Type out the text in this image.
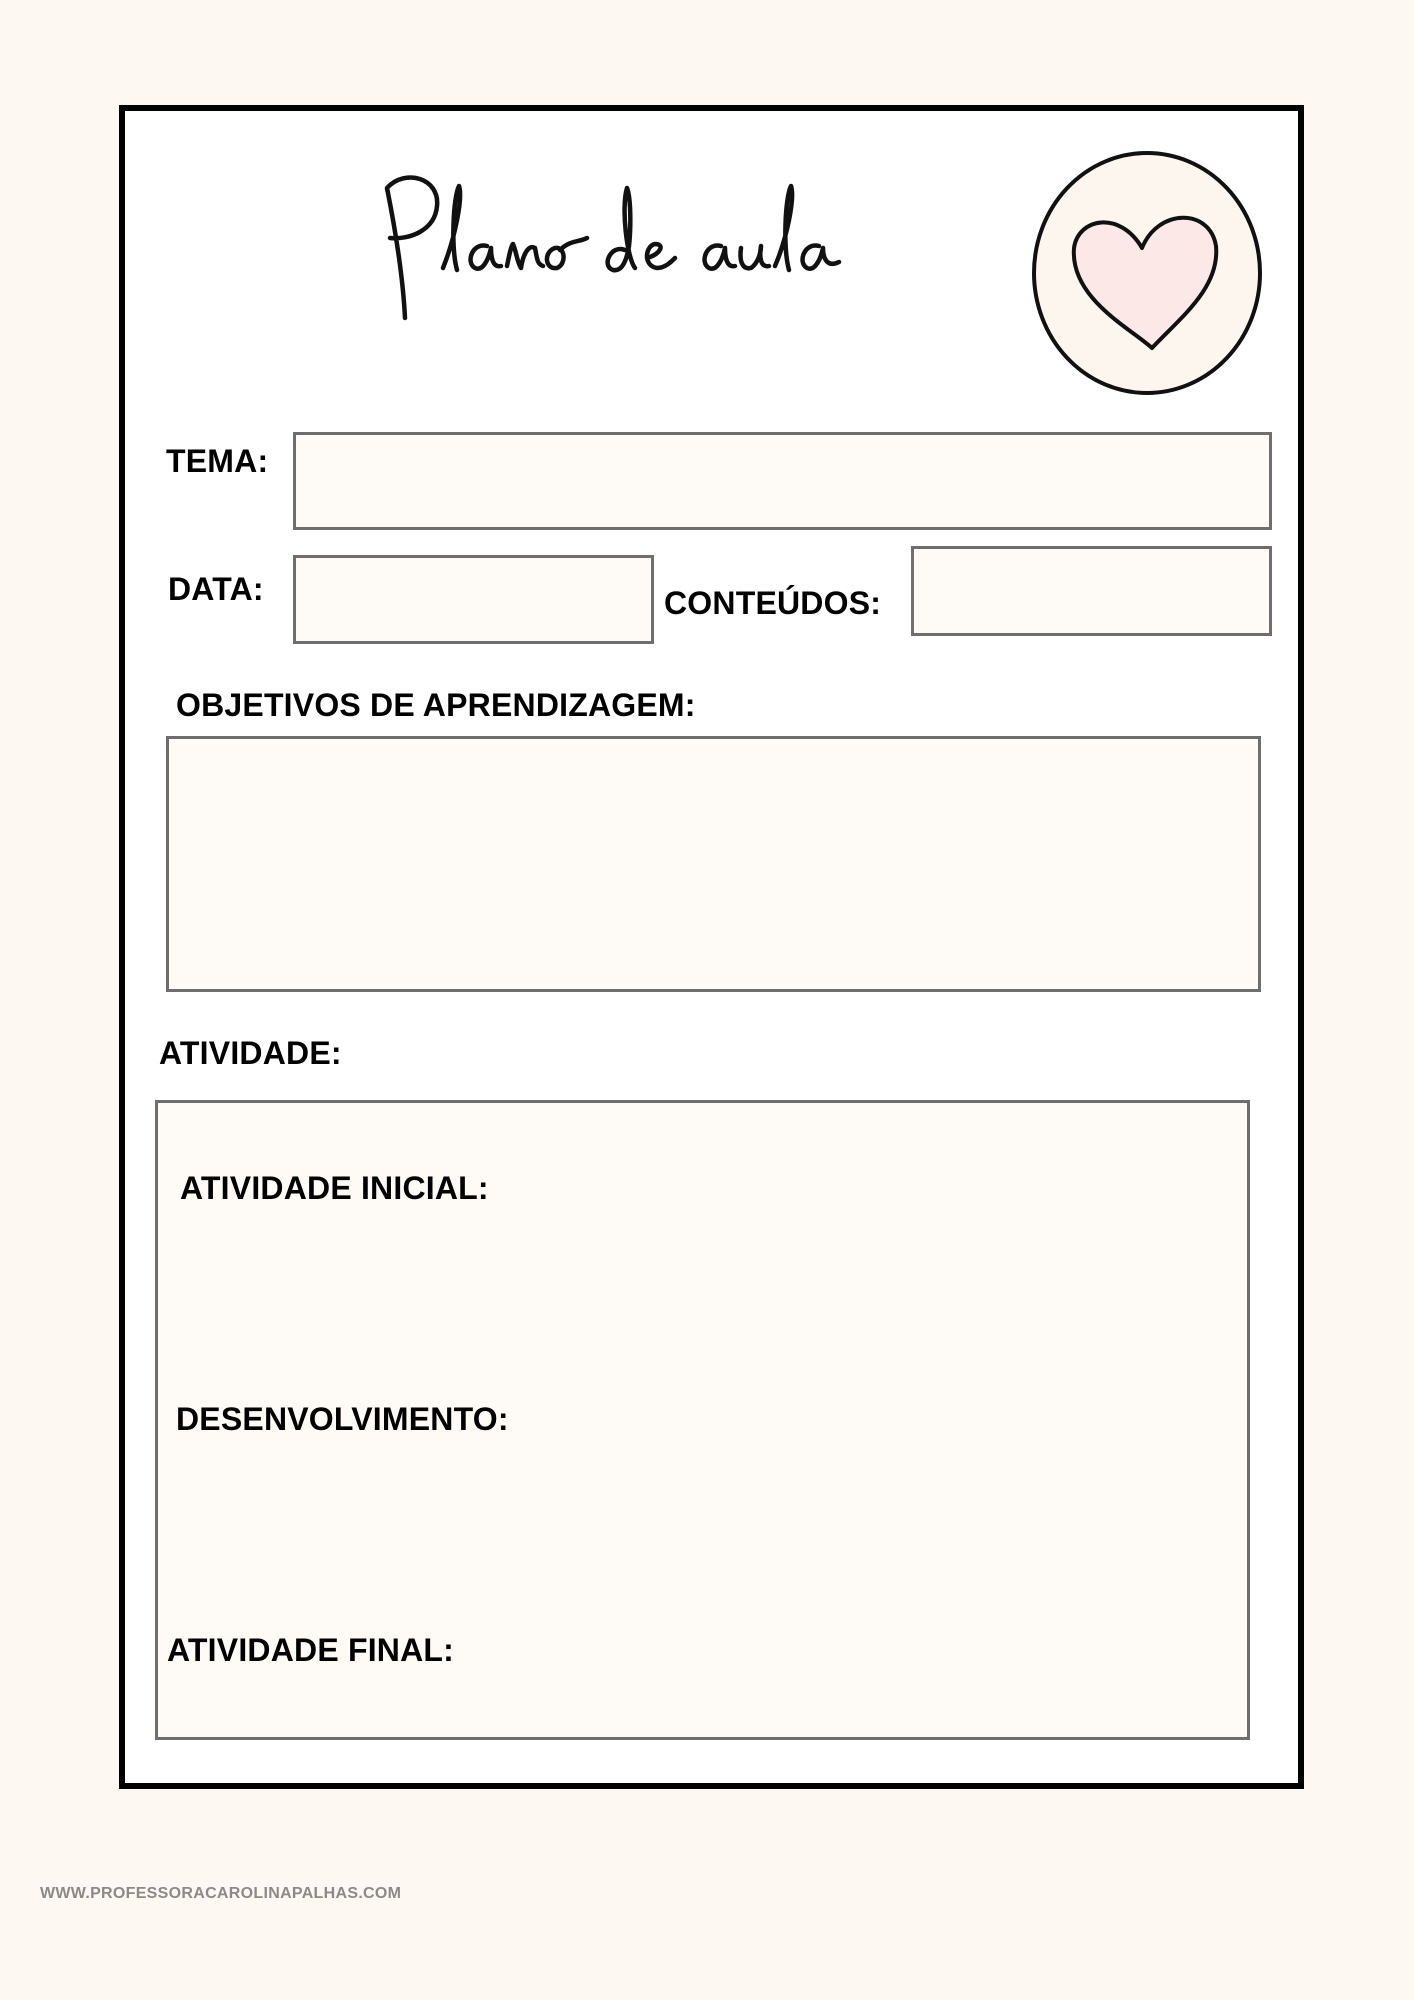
TEMA:
DATA:	CONTEÚDOS:
OBJETIVOS DE APRENDIZAGEM:
ATIVIDADE:
ATIVIDADE INICIAL:
DESENVOLVIMENTO:
ATIVIDADE FINAL:
WWW.PROFESSORACAROLINAPALHAS.COM
